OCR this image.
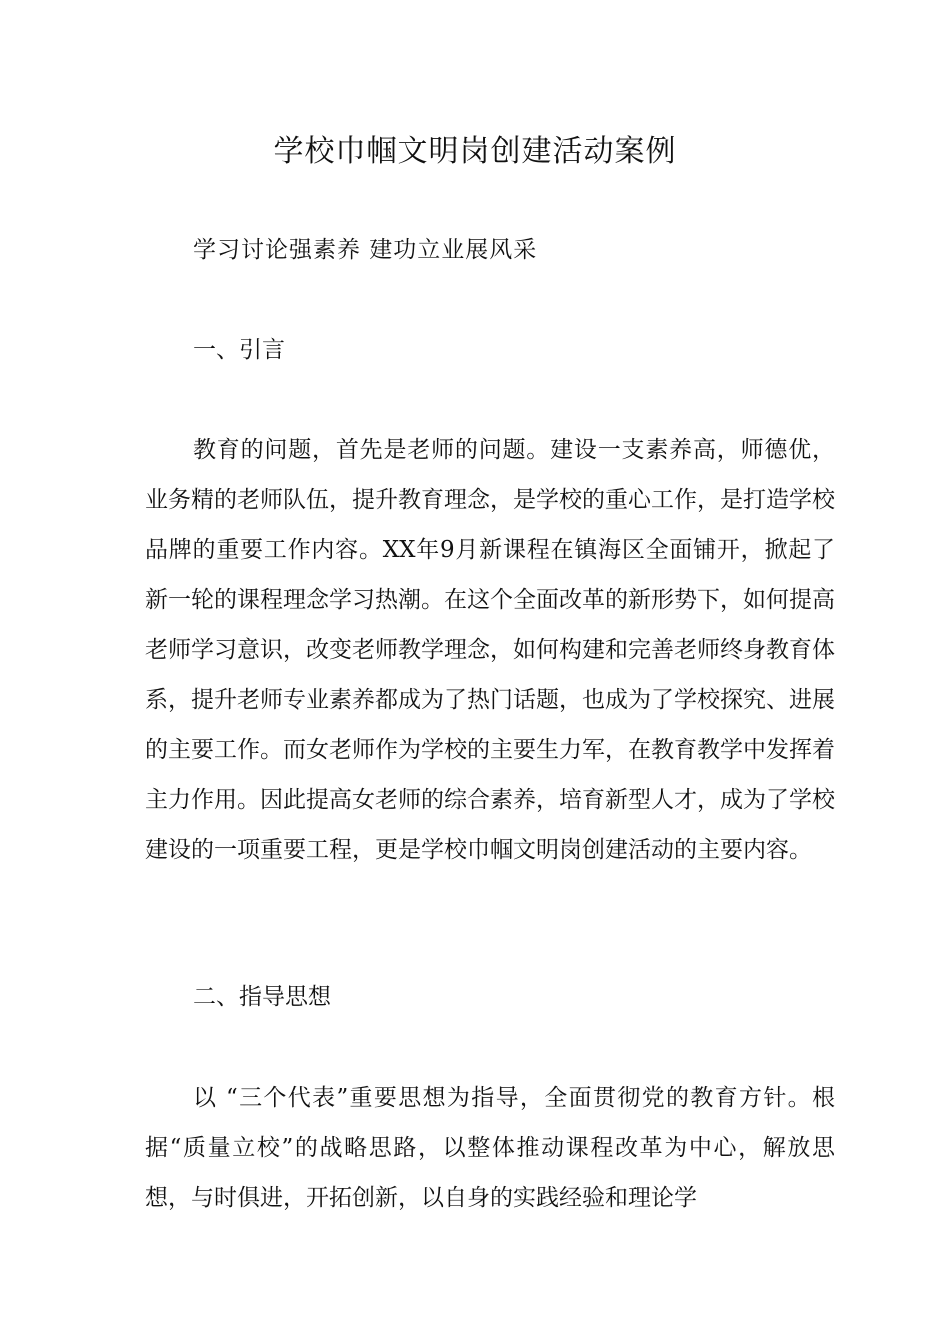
学校巾帼文明岗创建活动案例

学习讨论强素养 建功立业展风采

一、引言

教育的问题，首先是老师的问题。建设一支素养高，师德优，业务精的老师队伍，提升教育理念，是学校的重心工作，是打造学校品牌的重要工作内容。XX年9月新课程在镇海区全面铺开，掀起了新一轮的课程理念学习热潮。在这个全面改革的新形势下，如何提高老师学习意识，改变老师教学理念，如何构建和完善老师终身教育体系，提升老师专业素养都成为了热门话题，也成为了学校探究、进展的主要工作。而女老师作为学校的主要生力军，在教育教学中发挥着主力作用。因此提高女老师的综合素养，培育新型人才，成为了学校建设的一项重要工程，更是学校巾帼文明岗创建活动的主要内容。

二、指导思想

以 “三个代表”重要思想为指导，全面贯彻党的教育方针。根据“质量立校”的战略思路，以整体推动课程改革为中心，解放思想，与时俱进，开拓创新，以自身的实践经验和理论学
